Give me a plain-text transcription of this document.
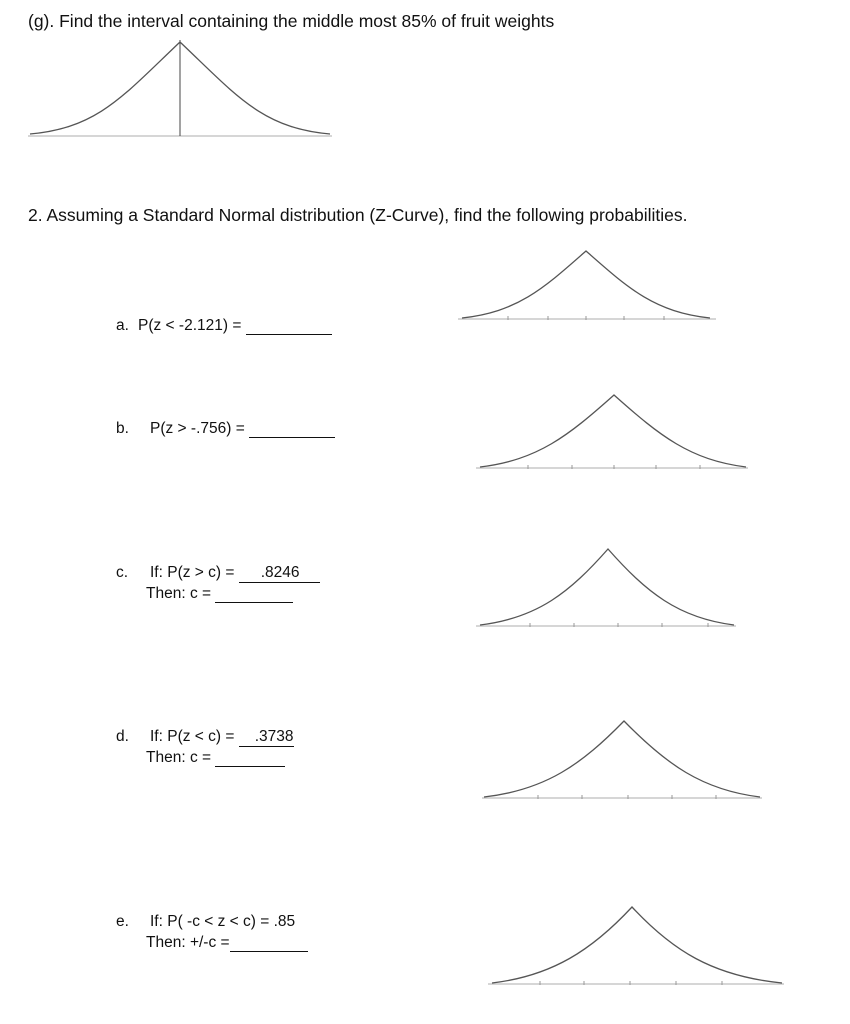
(g). Find the interval containing the middle most 85% of fruit weights
2. Assuming a Standard Normal distribution (Z-Curve), find the following probabilities.
a. P(z < -2.121) =
b. P(z > -.756) =
c. If: P(z > c) = .8246
Then: c =
d. If: P(z < c) = .3738
Then: c =
e. If: P( -c < z < c) = .85
Then: +/-c =
